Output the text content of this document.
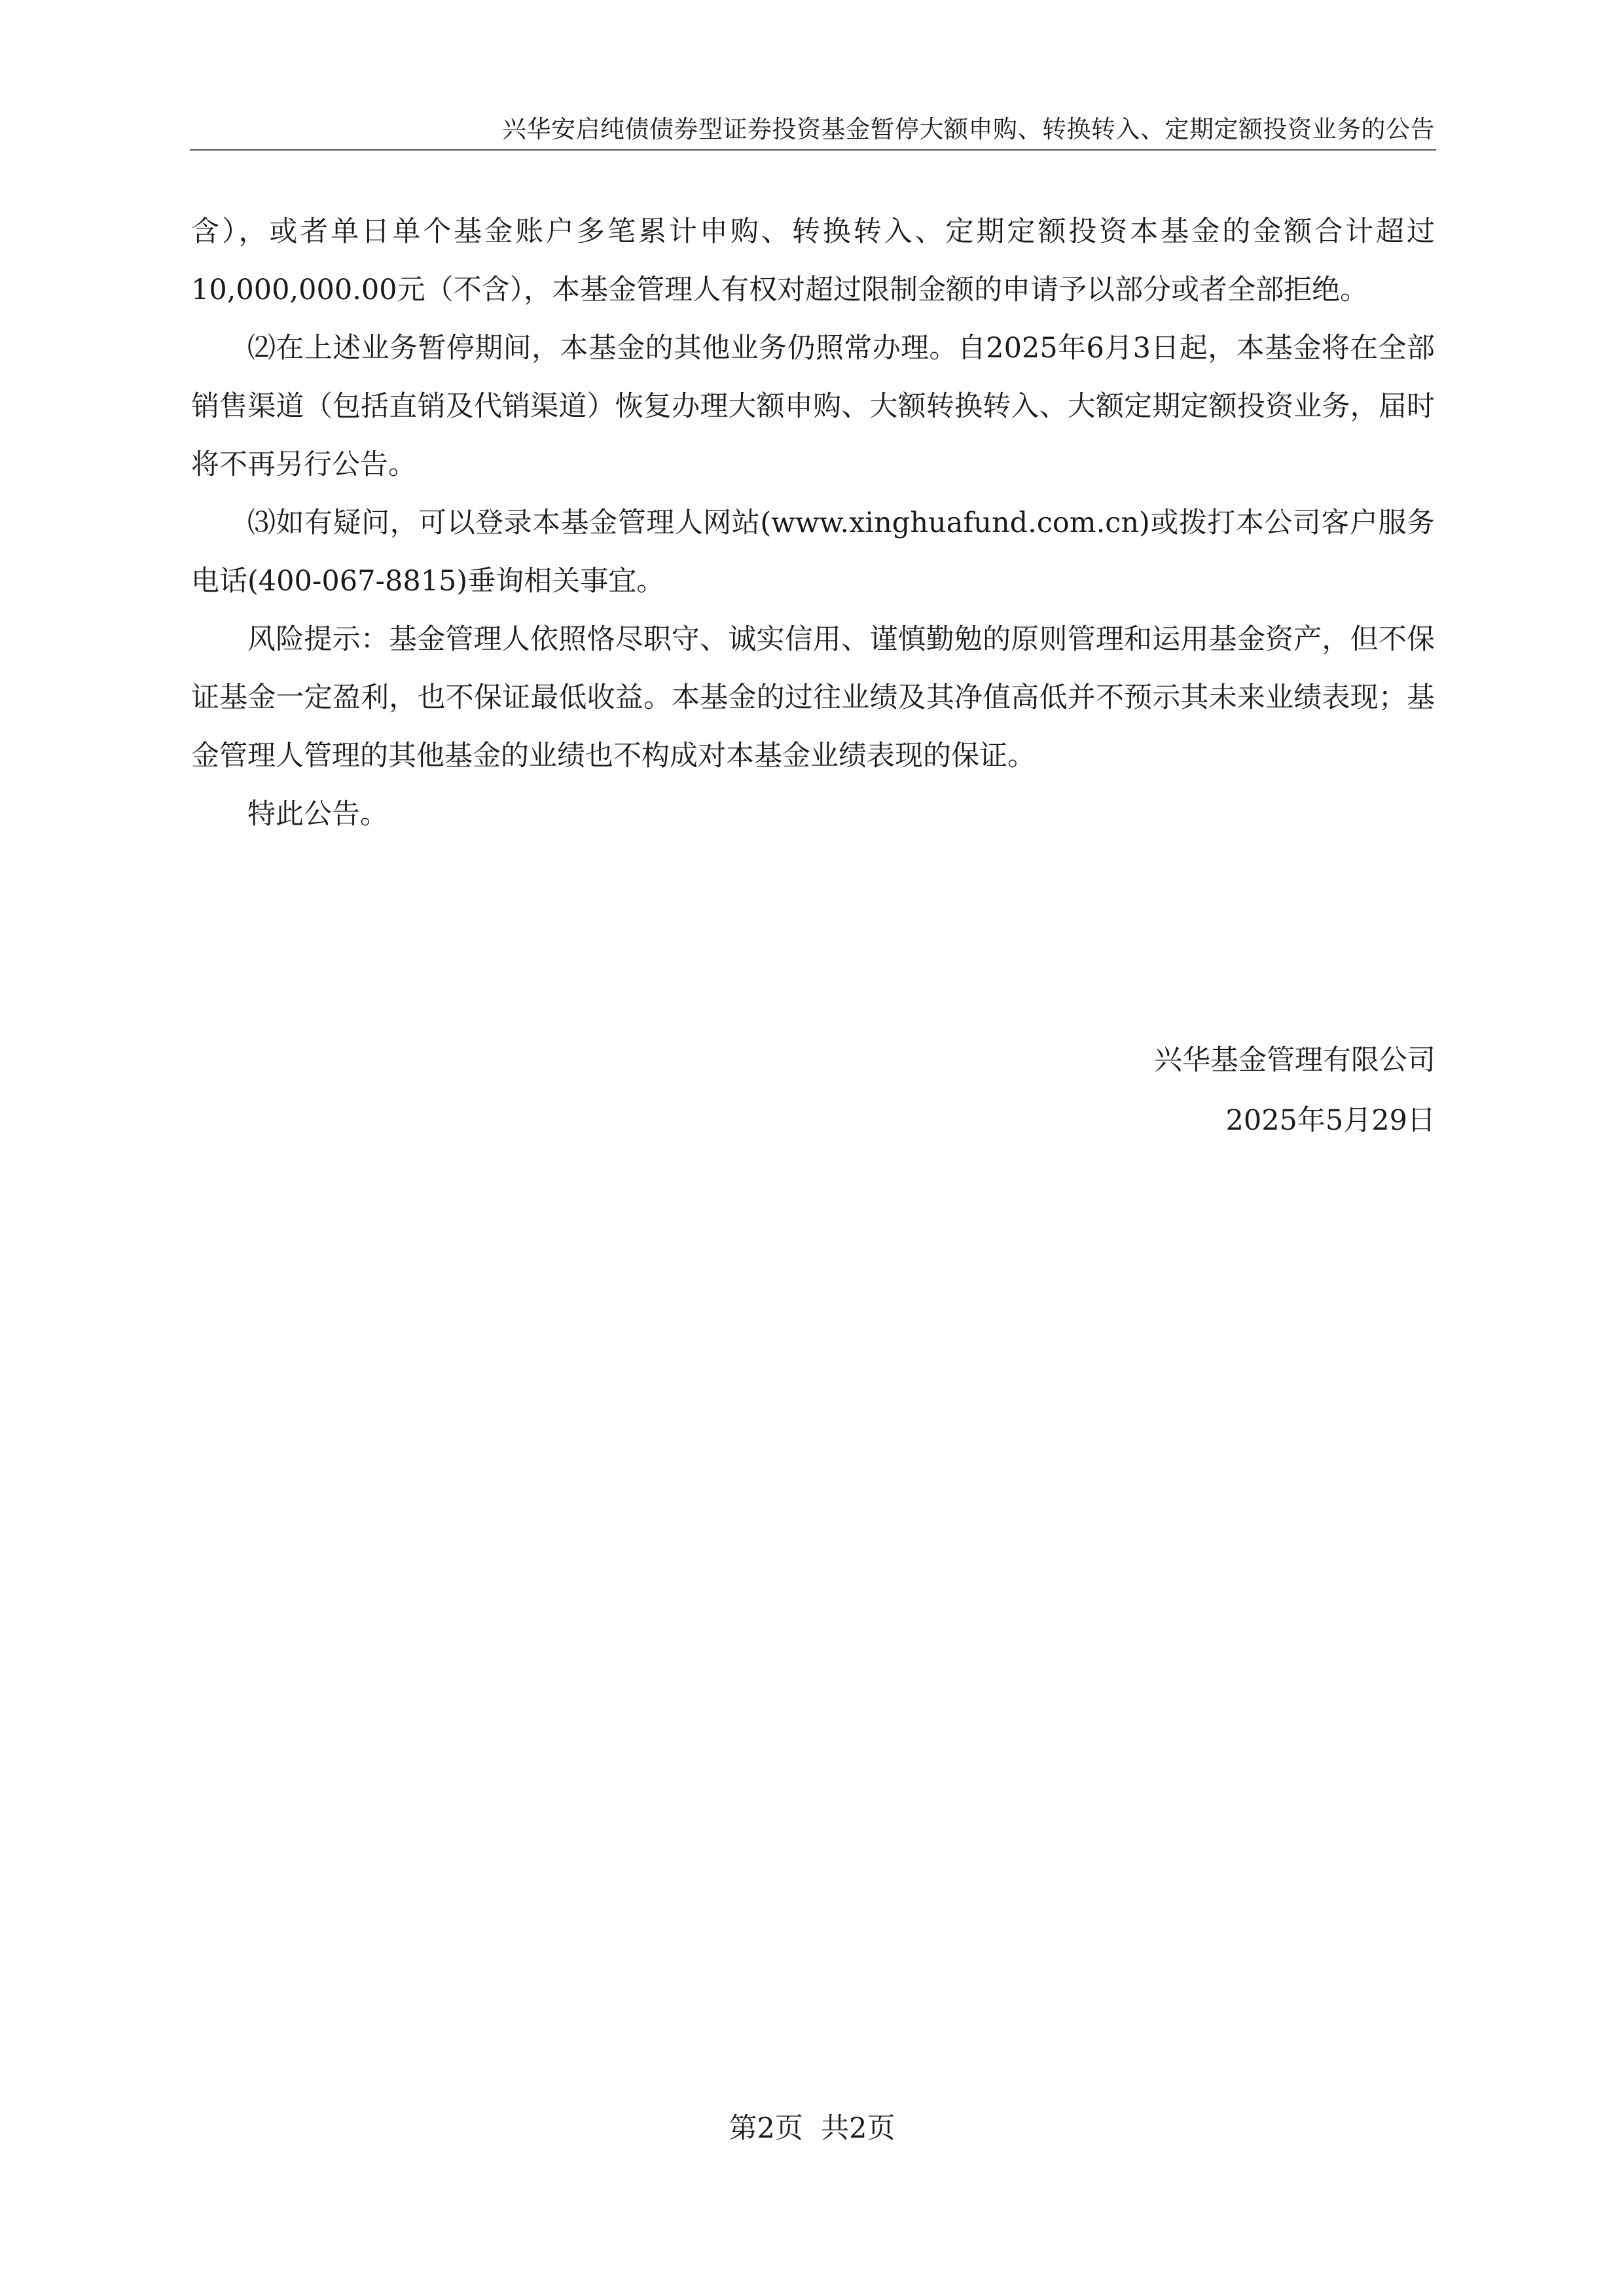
兴华安启纯债债券型证券投资基金暂停大额申购、转换转入、定期定额投资业务的公告

含），或者单日单个基金账户多笔累计申购、转换转入、定期定额投资本基金的金额合计超过10,000,000.00元（不含），本基金管理人有权对超过限制金额的申请予以部分或者全部拒绝。

⑵在上述业务暂停期间，本基金的其他业务仍照常办理。自2025年6月3日起，本基金将在全部销售渠道（包括直销及代销渠道）恢复办理大额申购、大额转换转入、大额定期定额投资业务，届时将不再另行公告。

⑶如有疑问，可以登录本基金管理人网站(www.xinghuafund.com.cn)或拨打本公司客户服务电话(400-067-8815)垂询相关事宜。

风险提示：基金管理人依照恪尽职守、诚实信用、谨慎勤勉的原则管理和运用基金资产，但不保证基金一定盈利，也不保证最低收益。本基金的过往业绩及其净值高低并不预示其未来业绩表现；基金管理人管理的其他基金的业绩也不构成对本基金业绩表现的保证。

特此公告。

兴华基金管理有限公司
2025年5月29日
第2页 共2页
